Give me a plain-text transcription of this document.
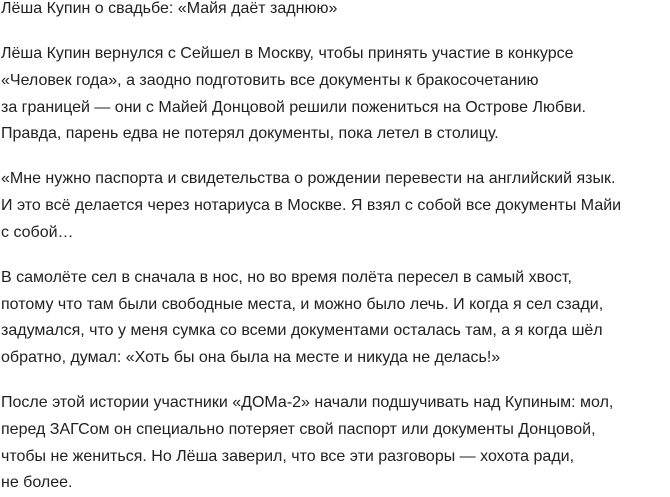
Лёша Купин о свадьбе: «Майя даёт заднюю»

Лёша Купин вернулся с Сейшел в Москву, чтобы принять участие в конкурсе
«Человек года», а заодно подготовить все документы к бракосочетанию
за границей — они с Майей Донцовой решили пожениться на Острове Любви.
Правда, парень едва не потерял документы, пока летел в столицу.

«Мне нужно паспорта и свидетельства о рождении перевести на английский язык.
И это всё делается через нотариуса в Москве. Я взял с собой все документы Майи
с собой…

В самолёте сел в сначала в нос, но во время полёта пересел в самый хвост,
потому что там были свободные места, и можно было лечь. И когда я сел сзади,
задумался, что у меня сумка со всеми документами осталась там, а я когда шёл
обратно, думал: «Хоть бы она была на месте и никуда не делась!»

После этой истории участники «ДОМа-2» начали подшучивать над Купиным: мол,
перед ЗАГСом он специально потеряет свой паспорт или документы Донцовой,
чтобы не жениться. Но Лёша заверил, что все эти разговоры — хохота ради,
не более.
